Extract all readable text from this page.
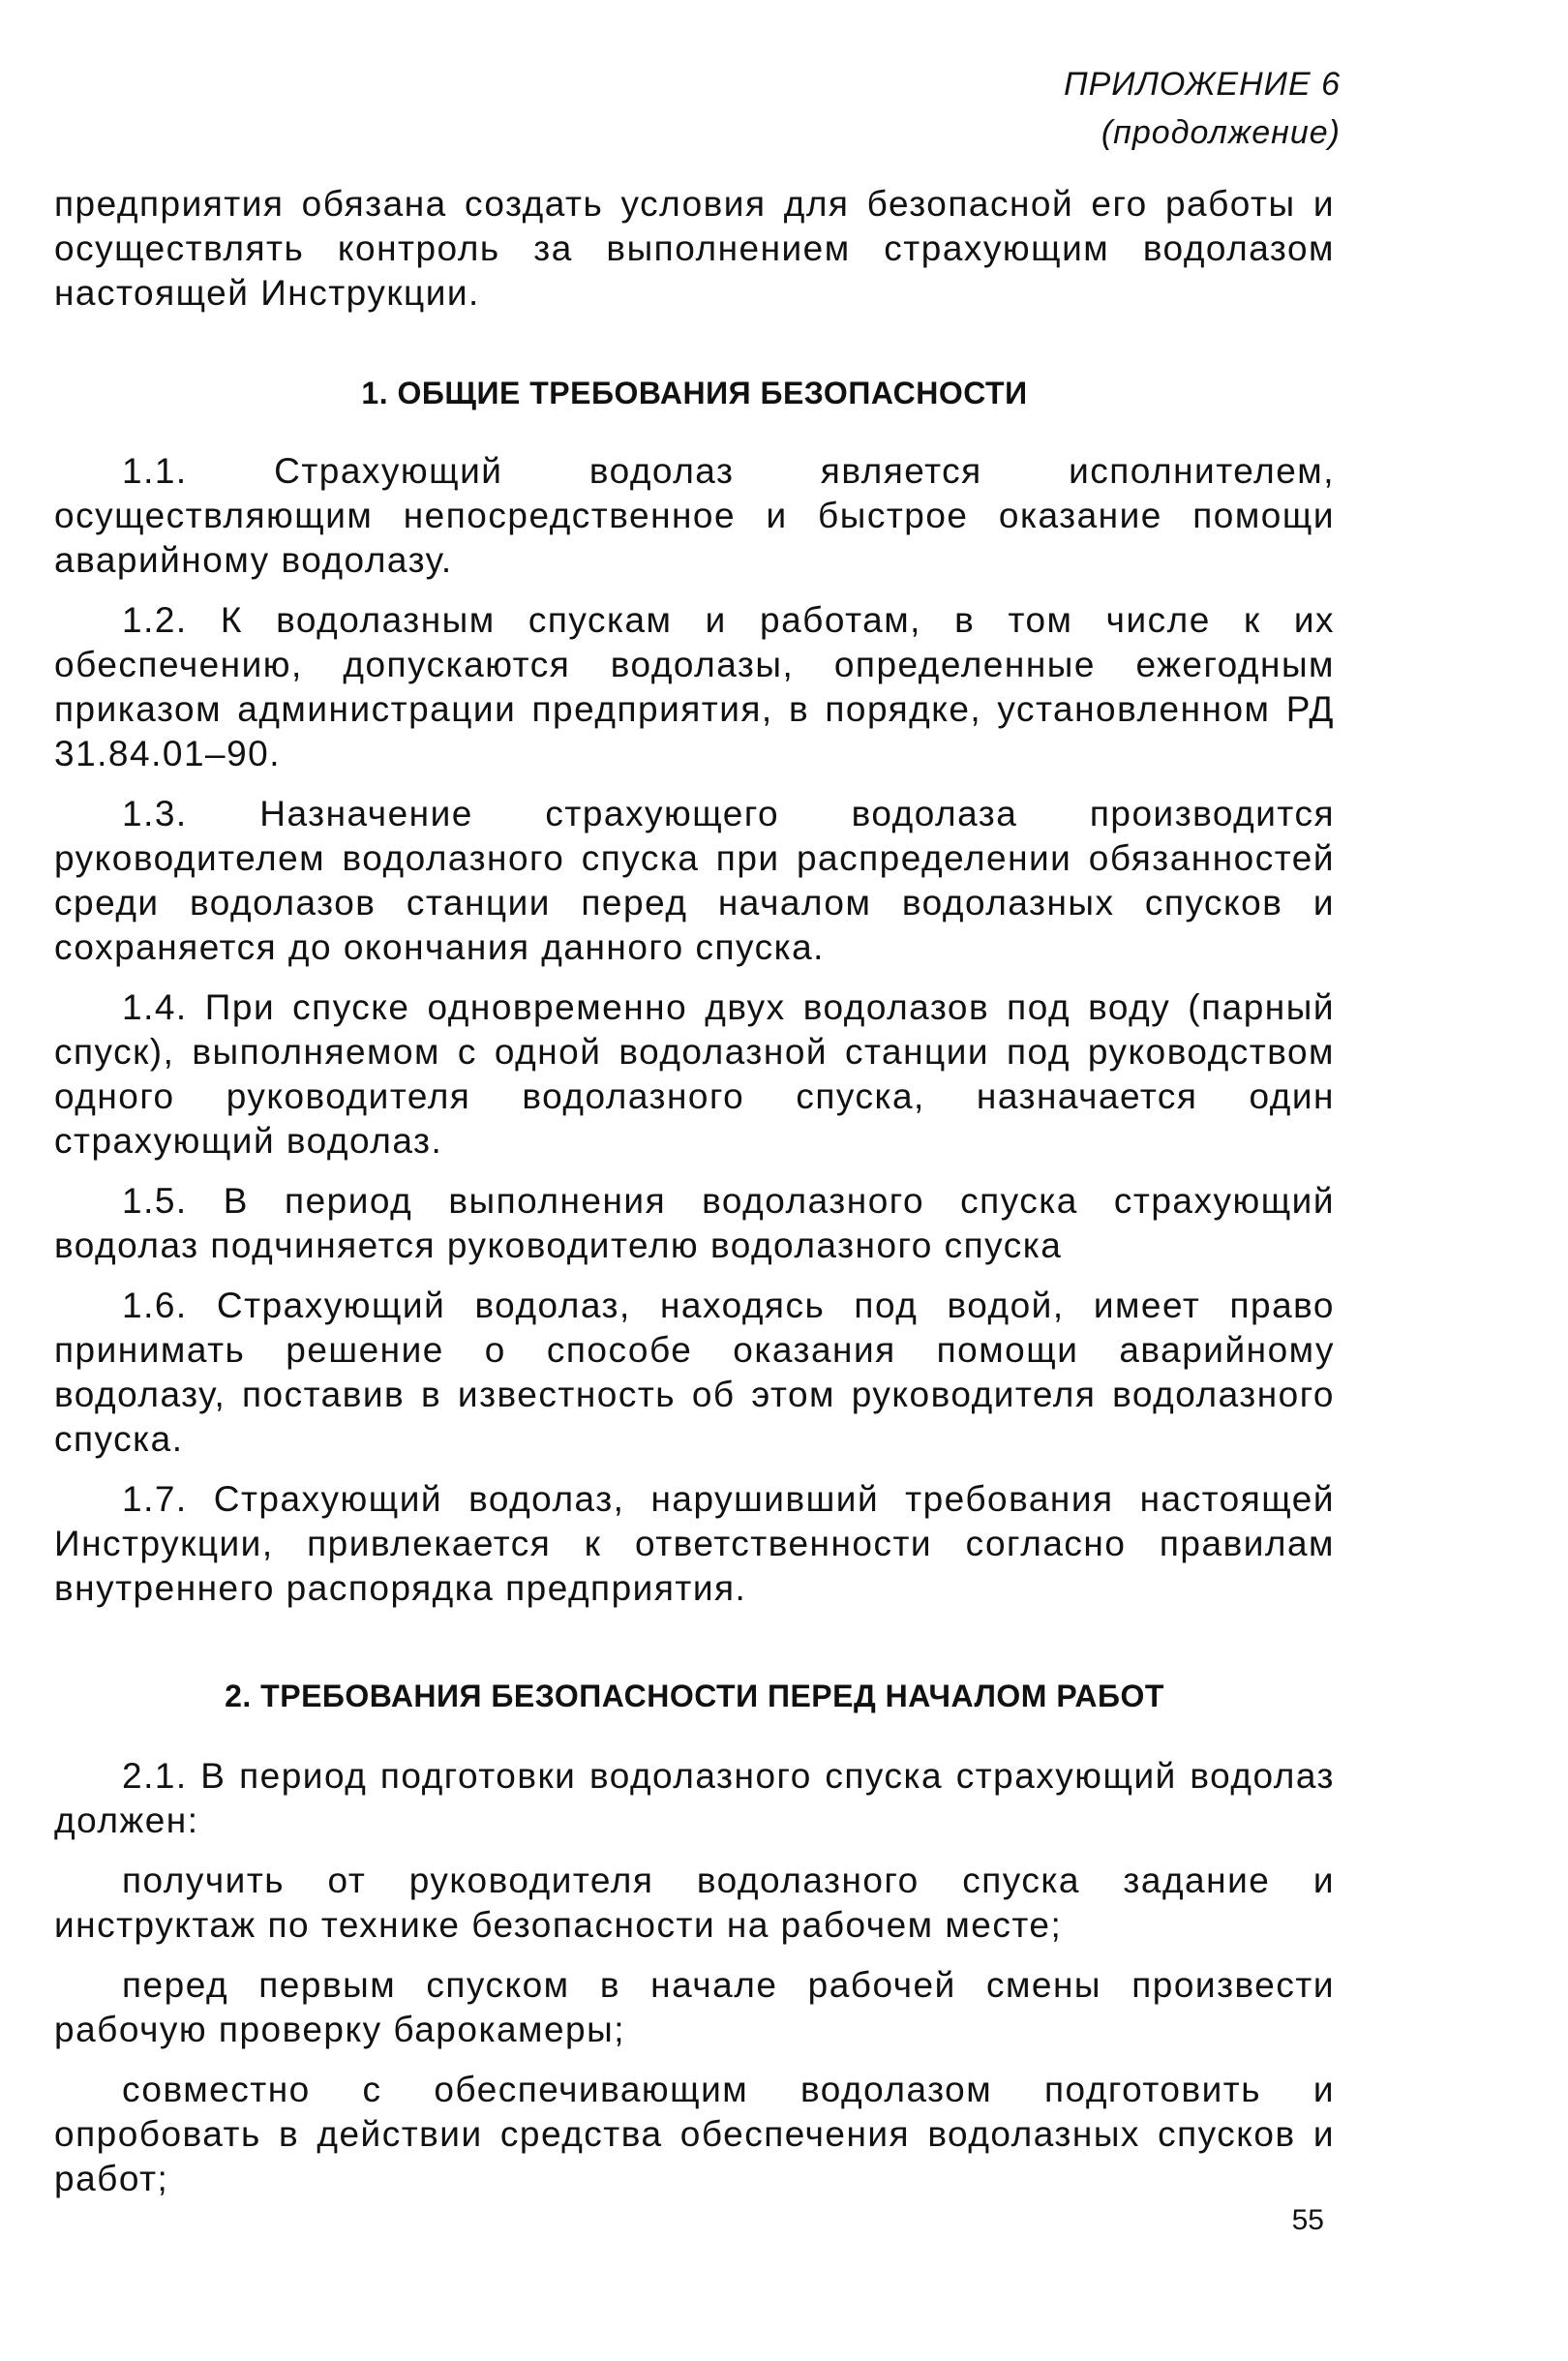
ПРИЛОЖЕНИЕ 6
(продолжение)

предприятия обязана создать условия для безопасной его работы и осуществлять контроль за выполнением страхующим водолазом настоящей Инструкции.

1. ОБЩИЕ ТРЕБОВАНИЯ БЕЗОПАСНОСТИ

1.1. Страхующий водолаз является исполнителем, осуществляющим непосредственное и быстрое оказание помощи аварийному водолазу.

1.2. К водолазным спускам и работам, в том числе к их обеспечению, допускаются водолазы, определенные ежегодным приказом администрации предприятия, в порядке, установленном РД 31.84.01–90.

1.3. Назначение страхующего водолаза производится руководителем водолазного спуска при распределении обязанностей среди водолазов станции перед началом водолазных спусков и сохраняется до окончания данного спуска.

1.4. При спуске одновременно двух водолазов под воду (парный спуск), выполняемом с одной водолазной станции под руководством одного руководителя водолазного спуска, назначается один страхующий водолаз.

1.5. В период выполнения водолазного спуска страхующий водолаз подчиняется руководителю водолазного спуска

1.6. Страхующий водолаз, находясь под водой, имеет право принимать решение о способе оказания помощи аварийному водолазу, поставив в известность об этом руководителя водолазного спуска.

1.7. Страхующий водолаз, нарушивший требования настоящей Инструкции, привлекается к ответственности согласно правилам внутреннего распорядка предприятия.

2. ТРЕБОВАНИЯ БЕЗОПАСНОСТИ ПЕРЕД НАЧАЛОМ РАБОТ

2.1. В период подготовки водолазного спуска страхующий водолаз должен:

получить от руководителя водолазного спуска задание и инструктаж по технике безопасности на рабочем месте;

перед первым спуском в начале рабочей смены произвести рабочую проверку барокамеры;

совместно с обеспечивающим водолазом подготовить и опробовать в действии средства обеспечения водолазных спусков и работ;

55
